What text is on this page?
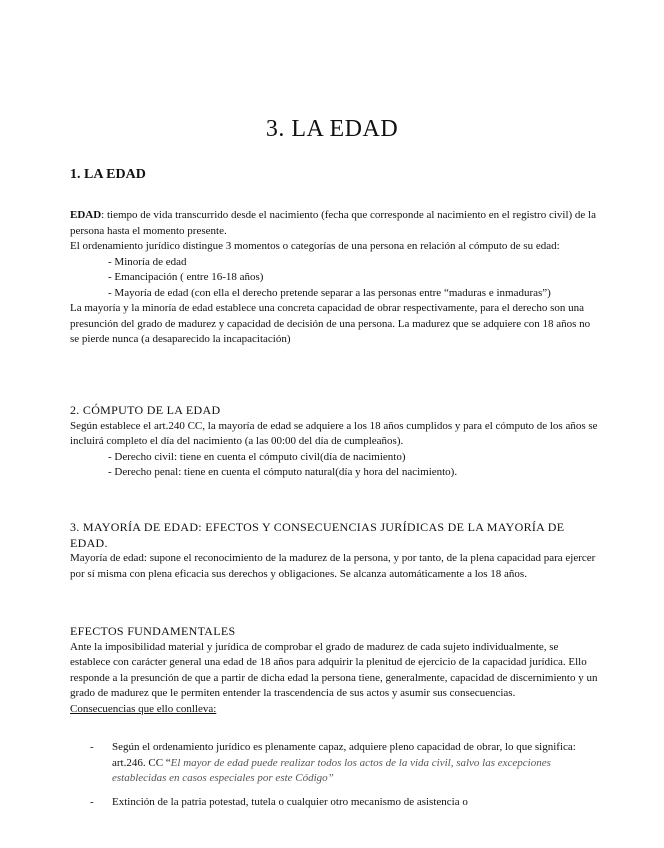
3. LA EDAD
1. LA EDAD

EDAD: tiempo de vida transcurrido desde el nacimiento (fecha que corresponde al nacimiento en el registro civil) de la persona hasta el momento presente.

El ordenamiento jurídico distingue 3 momentos o categorías de una persona en relación al cómputo de su edad:

- Minoría de edad

- Emancipación ( entre 16-18 años)

- Mayoría de edad (con ella el derecho pretende separar a las personas entre “maduras e inmaduras”)

La mayoría y la minoría de edad establece una concreta capacidad de obrar respectivamente, para el derecho son una presunción del grado de madurez y capacidad de decisión de una persona. La madurez que se adquiere con 18 años no se pierde nunca (a desaparecido la incapacitación)

2. CÓMPUTO DE LA EDAD

Según establece el art.240 CC, la mayoría de edad se adquiere a los 18 años cumplidos y para el cómputo de los años se incluirá completo el día del nacimiento (a las 00:00 del día de cumpleaños).

- Derecho civil: tiene en cuenta el cómputo civil(día de nacimiento)

- Derecho penal: tiene en cuenta el cómputo natural(día y hora del nacimiento).

3. MAYORÍA DE EDAD: EFECTOS Y CONSECUENCIAS JURÍDICAS DE LA MAYORÍA DE EDAD.

Mayoría de edad: supone el reconocimiento de la madurez de la persona, y por tanto, de la plena capacidad para ejercer por sí misma con plena eficacia sus derechos y obligaciones. Se alcanza automáticamente a los 18 años.

EFECTOS FUNDAMENTALES

Ante la imposibilidad material y jurídica de comprobar el grado de madurez de cada sujeto individualmente, se establece con carácter general una edad de 18 años para adquirir la plenitud de ejercicio de la capacidad jurídica. Ello responde a la presunción de que a partir de dicha edad la persona tiene, generalmente, capacidad de discernimiento y un grado de madurez que le permiten entender la trascendencia de sus actos y asumir sus consecuencias.

Consecuencias que ello conlleva:

-	Según el ordenamiento jurídico es plenamente capaz, adquiere pleno capacidad de obrar, lo que significa: art.246. CC “El mayor de edad puede realizar todos los actos de la vida civil, salvo las excepciones establecidas en casos especiales por este Código”
-	Extinción de la patria potestad, tutela o cualquier otro mecanismo de asistencia o
